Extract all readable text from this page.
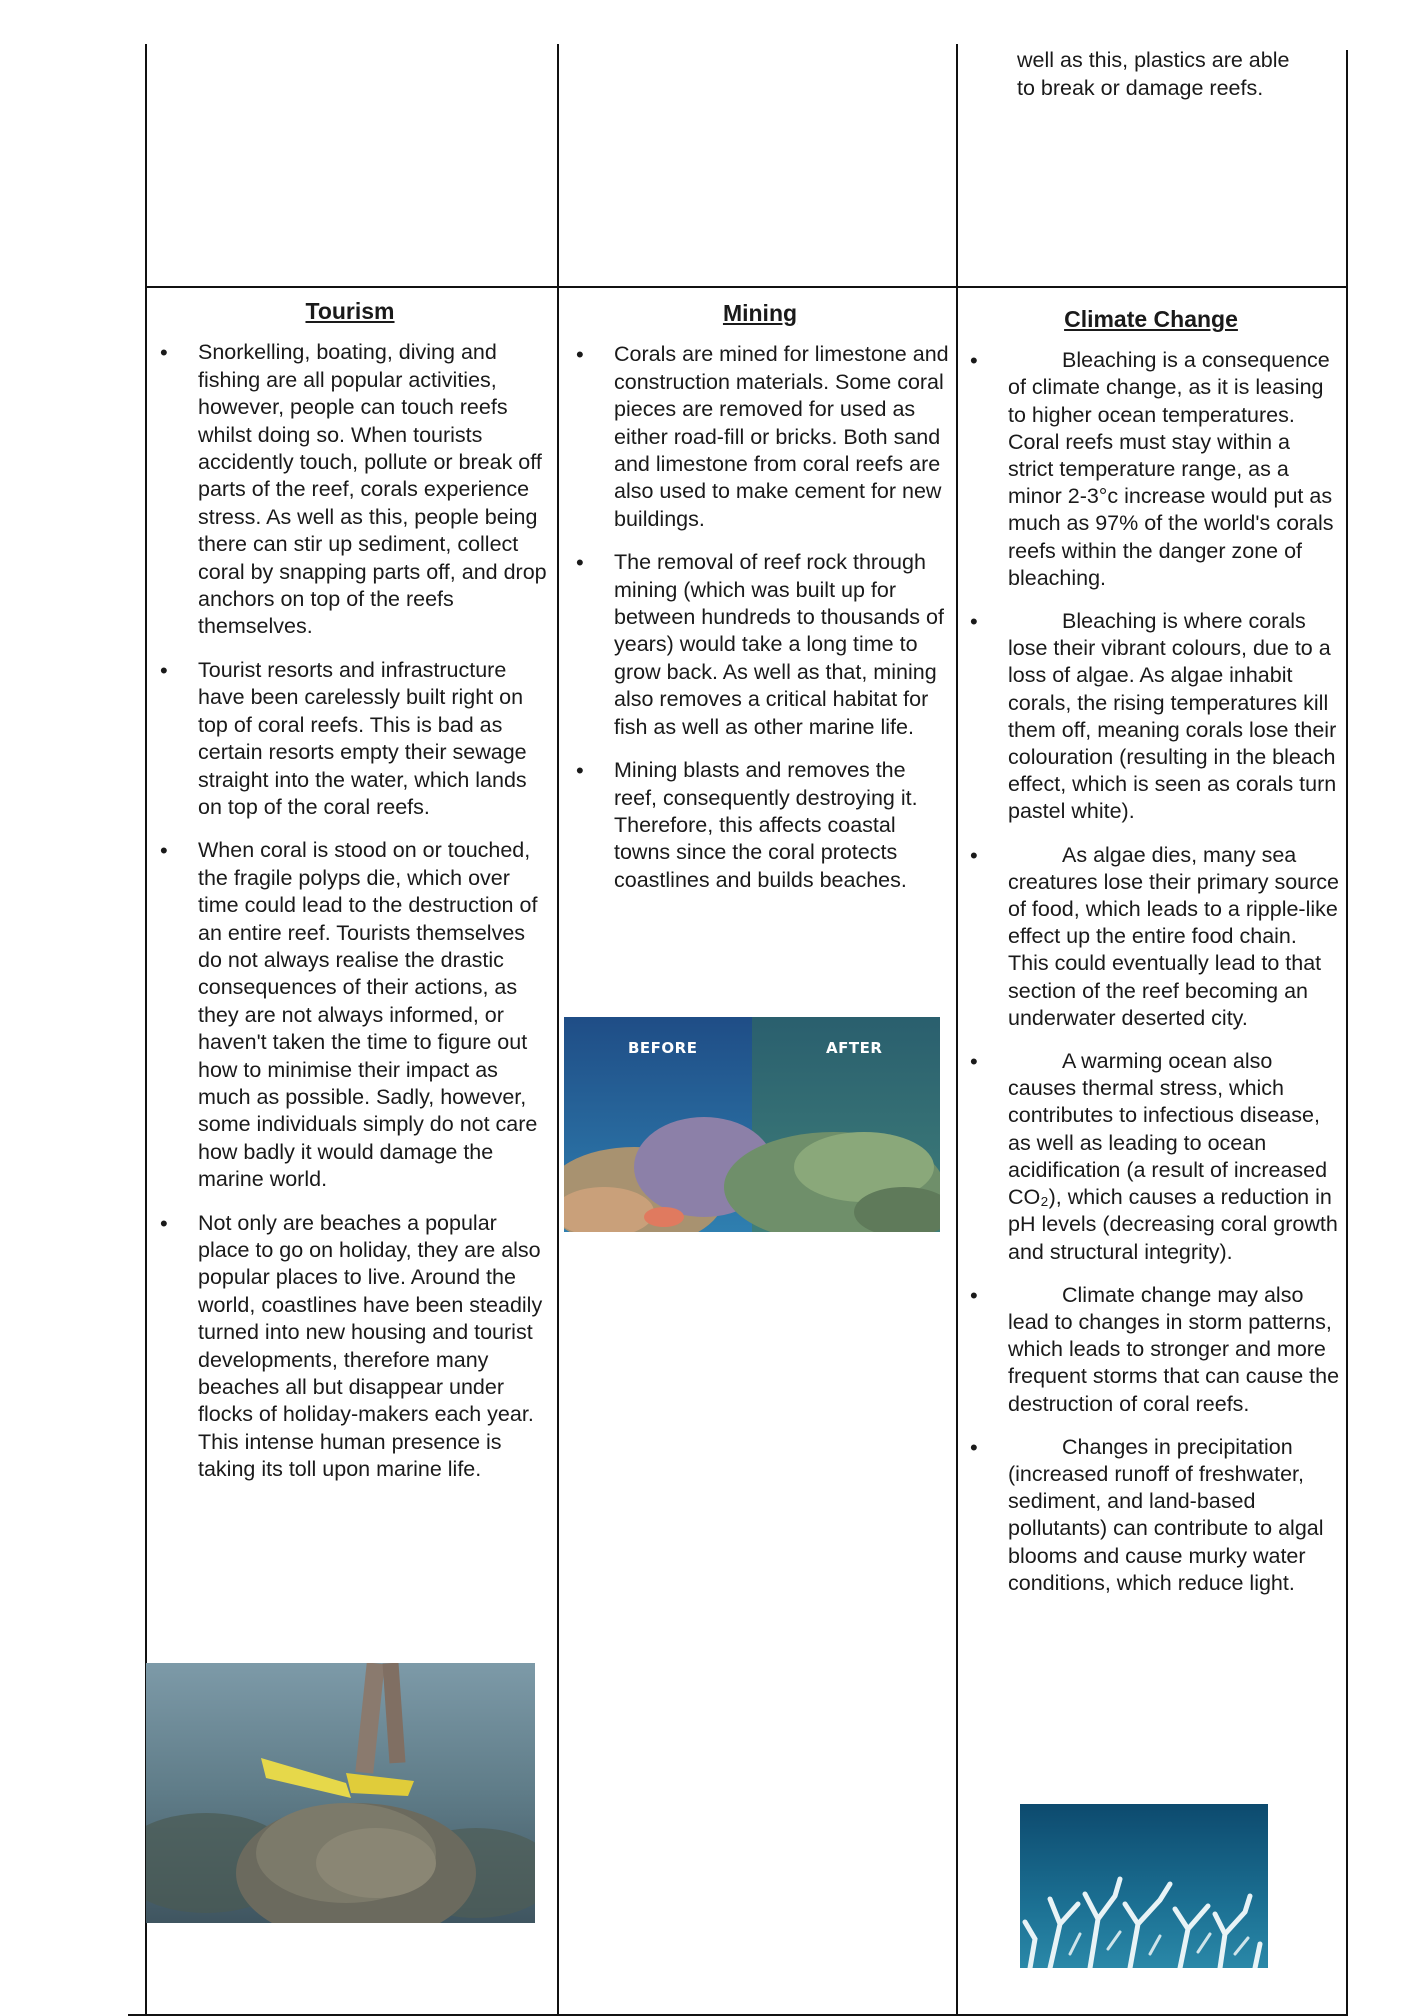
well as this, plastics are able
to break or damage reefs.
Tourism
• Snorkelling, boating, diving and fishing are all popular activities, however, people can touch reefs whilst doing so. When tourists accidently touch, pollute or break off parts of the reef, corals experience stress. As well as this, people being there can stir up sediment, collect coral by snapping parts off, and drop anchors on top of the reefs themselves.
• Tourist resorts and infrastructure have been carelessly built right on top of coral reefs. This is bad as certain resorts empty their sewage straight into the water, which lands on top of the coral reefs.
• When coral is stood on or touched, the fragile polyps die, which over time could lead to the destruction of an entire reef. Tourists themselves do not always realise the drastic consequences of their actions, as they are not always informed, or haven't taken the time to figure out how to minimise their impact as much as possible. Sadly, however, some individuals simply do not care how badly it would damage the marine world.
• Not only are beaches a popular place to go on holiday, they are also popular places to live. Around the world, coastlines have been steadily turned into new housing and tourist developments, therefore many beaches all but disappear under flocks of holiday-makers each year. This intense human presence is taking its toll upon marine life.
Mining
• Corals are mined for limestone and construction materials. Some coral pieces are removed for used as either road-fill or bricks. Both sand and limestone from coral reefs are also used to make cement for new buildings.
• The removal of reef rock through mining (which was built up for between hundreds to thousands of years) would take a long time to grow back. As well as that, mining also removes a critical habitat for fish as well as other marine life.
• Mining blasts and removes the reef, consequently destroying it. Therefore, this affects coastal towns since the coral protects coastlines and builds beaches.
BEFORE	AFTER
Climate Change
• Bleaching is a consequence of climate change, as it is leasing to higher ocean temperatures. Coral reefs must stay within a strict temperature range, as a minor 2-3°c increase would put as much as 97% of the world's corals reefs within the danger zone of bleaching.
• Bleaching is where corals lose their vibrant colours, due to a loss of algae. As algae inhabit corals, the rising temperatures kill them off, meaning corals lose their colouration (resulting in the bleach effect, which is seen as corals turn pastel white).
• As algae dies, many sea creatures lose their primary source of food, which leads to a ripple-like effect up the entire food chain. This could eventually lead to that section of the reef becoming an underwater deserted city.
• A warming ocean also causes thermal stress, which contributes to infectious disease, as well as leading to ocean acidification (a result of increased CO₂), which causes a reduction in pH levels (decreasing coral growth and structural integrity).
• Climate change may also lead to changes in storm patterns, which leads to stronger and more frequent storms that can cause the destruction of coral reefs.
• Changes in precipitation (increased runoff of freshwater, sediment, and land-based pollutants) can contribute to algal blooms and cause murky water conditions, which reduce light.
